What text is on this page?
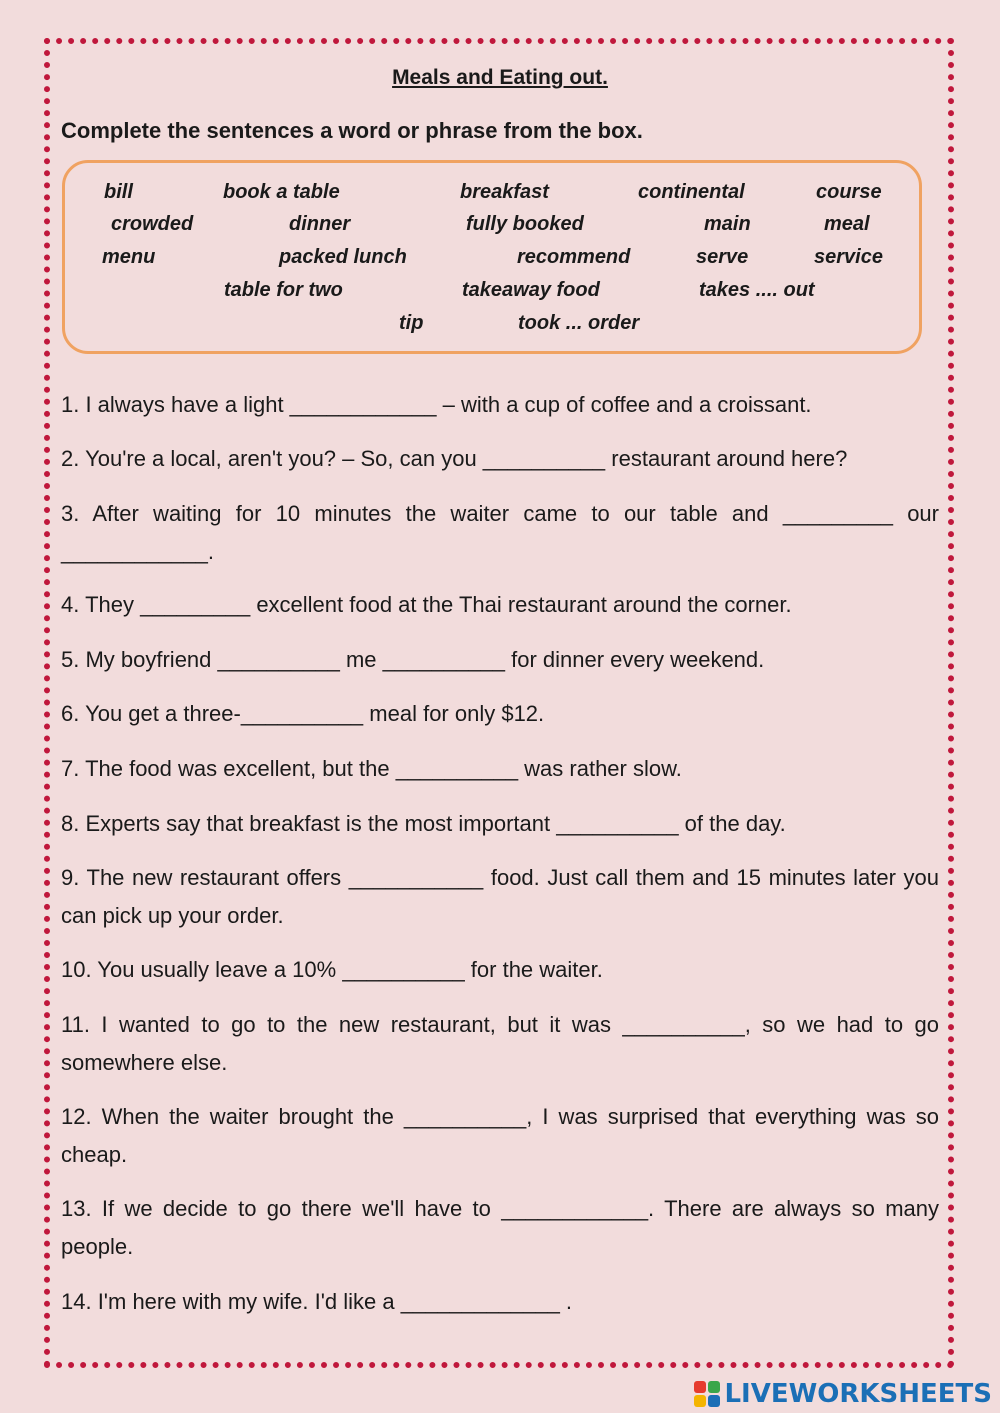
Meals and Eating out.
Complete the sentences a word or phrase from the box.
bill	book a table	breakfast	continental	course
crowded	dinner	fully booked	main	meal
menu	packed lunch	recommend	serve	service
table for two	takeaway food	takes .... out
tip	took ... order
1. I always have a light ____________ – with a cup of coffee and a croissant.
2. You're a local, aren't you? – So, can you __________ restaurant around here?
3. After waiting for 10 minutes the waiter came to our table and _________ our ____________.
4. They _________ excellent food at the Thai restaurant around the corner.
5. My boyfriend __________ me __________ for dinner every weekend.
6. You get a three-__________ meal for only $12.
7. The food was excellent, but the __________ was rather slow.
8. Experts say that breakfast is the most important __________ of the day.
9. The new restaurant offers ___________ food. Just call them and 15 minutes later you can pick up your order.
10. You usually leave a 10% __________ for the waiter.
11. I wanted to go to the new restaurant, but it was __________, so we had to go somewhere else.
12. When the waiter brought the __________, I was surprised that everything was so cheap.
13. If we decide to go there we'll have to ____________. There are always so many people.
14. I'm here with my wife. I'd like a _____________ .
LIVEWORKSHEETS
